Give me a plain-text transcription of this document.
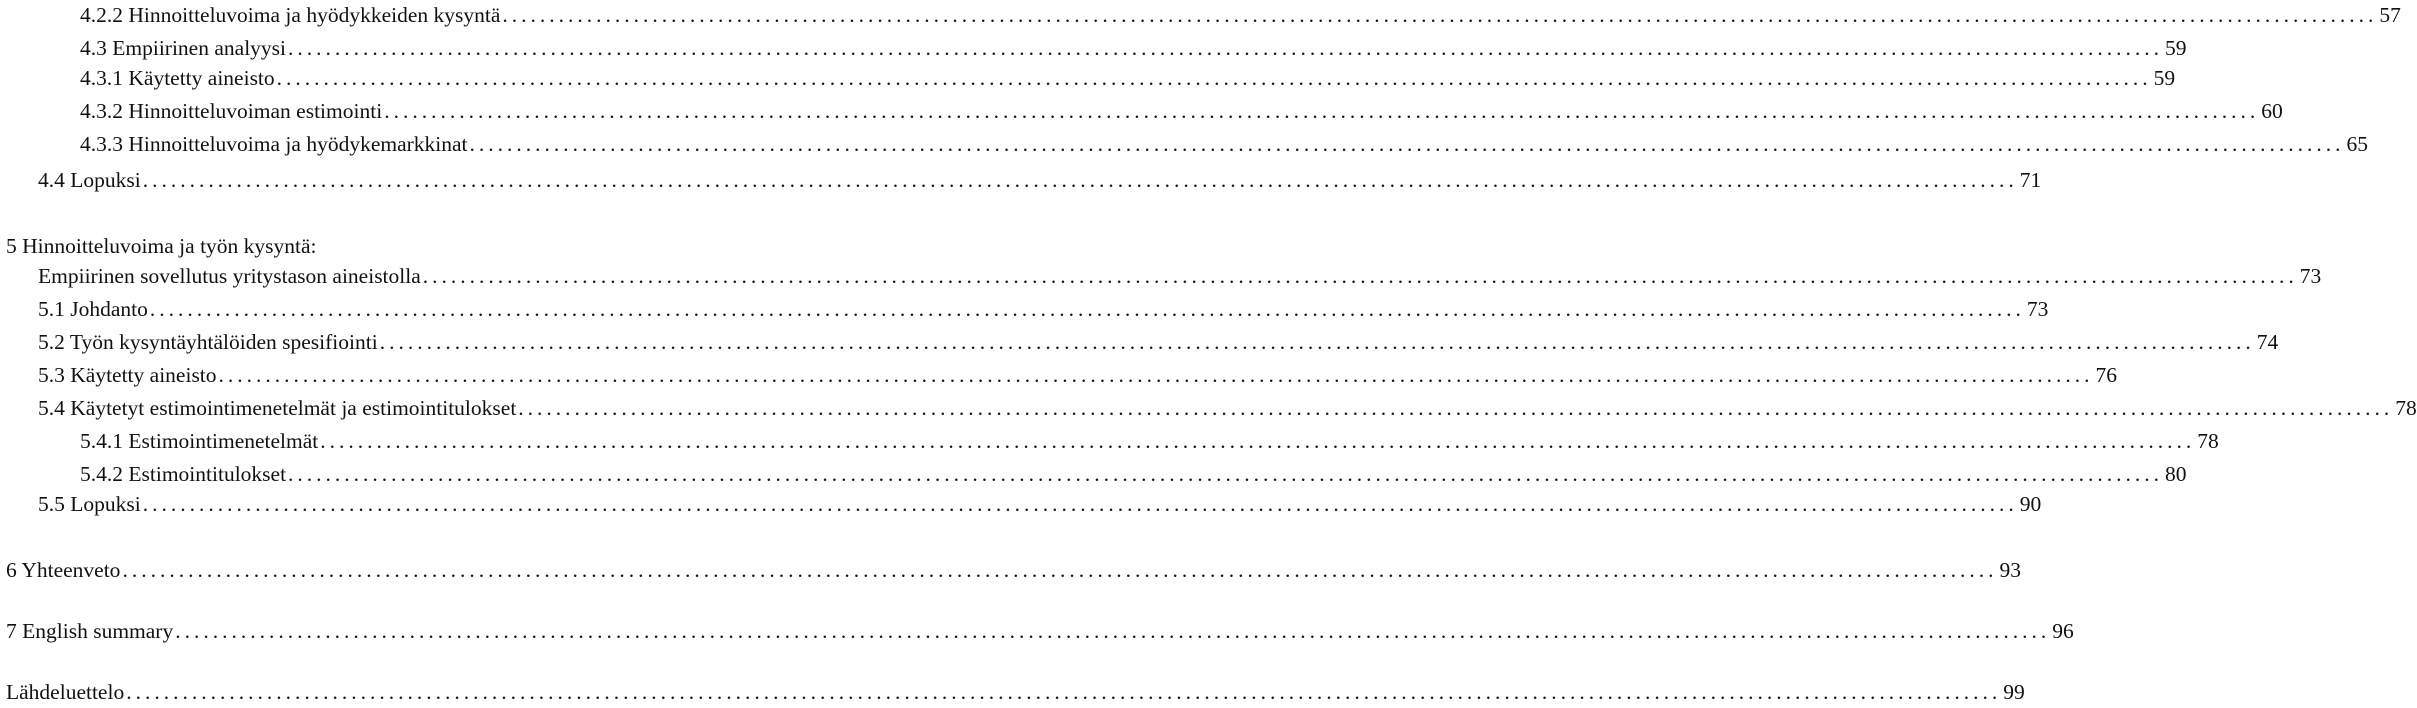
4.2.2 Hinnoitteluvoima ja hyödykkeiden kysyntä ........................................................................................................................................................................................................ 57
4.3 Empiirinen analyysi ........................................................................................................................................................................................................ 59
4.3.1 Käytetty aineisto ........................................................................................................................................................................................................ 59
4.3.2 Hinnoitteluvoiman estimointi ........................................................................................................................................................................................................ 60
4.3.3 Hinnoitteluvoima ja hyödykemarkkinat ........................................................................................................................................................................................................ 65
4.4 Lopuksi ........................................................................................................................................................................................................ 71
5 Hinnoitteluvoima ja työn kysyntä:
Empiirinen sovellutus yritystason aineistolla ........................................................................................................................................................................................................ 73
5.1 Johdanto ........................................................................................................................................................................................................ 73
5.2 Työn kysyntäyhtälöiden spesifiointi ........................................................................................................................................................................................................ 74
5.3 Käytetty aineisto ........................................................................................................................................................................................................ 76
5.4 Käytetyt estimointimenetelmät ja estimointitulokset ........................................................................................................................................................................................................ 78
5.4.1 Estimointimenetelmät ........................................................................................................................................................................................................ 78
5.4.2 Estimointitulokset ........................................................................................................................................................................................................ 80
5.5 Lopuksi ........................................................................................................................................................................................................ 90
6 Yhteenveto ........................................................................................................................................................................................................ 93
7 English summary ........................................................................................................................................................................................................ 96
Lähdeluettelo ........................................................................................................................................................................................................ 99
